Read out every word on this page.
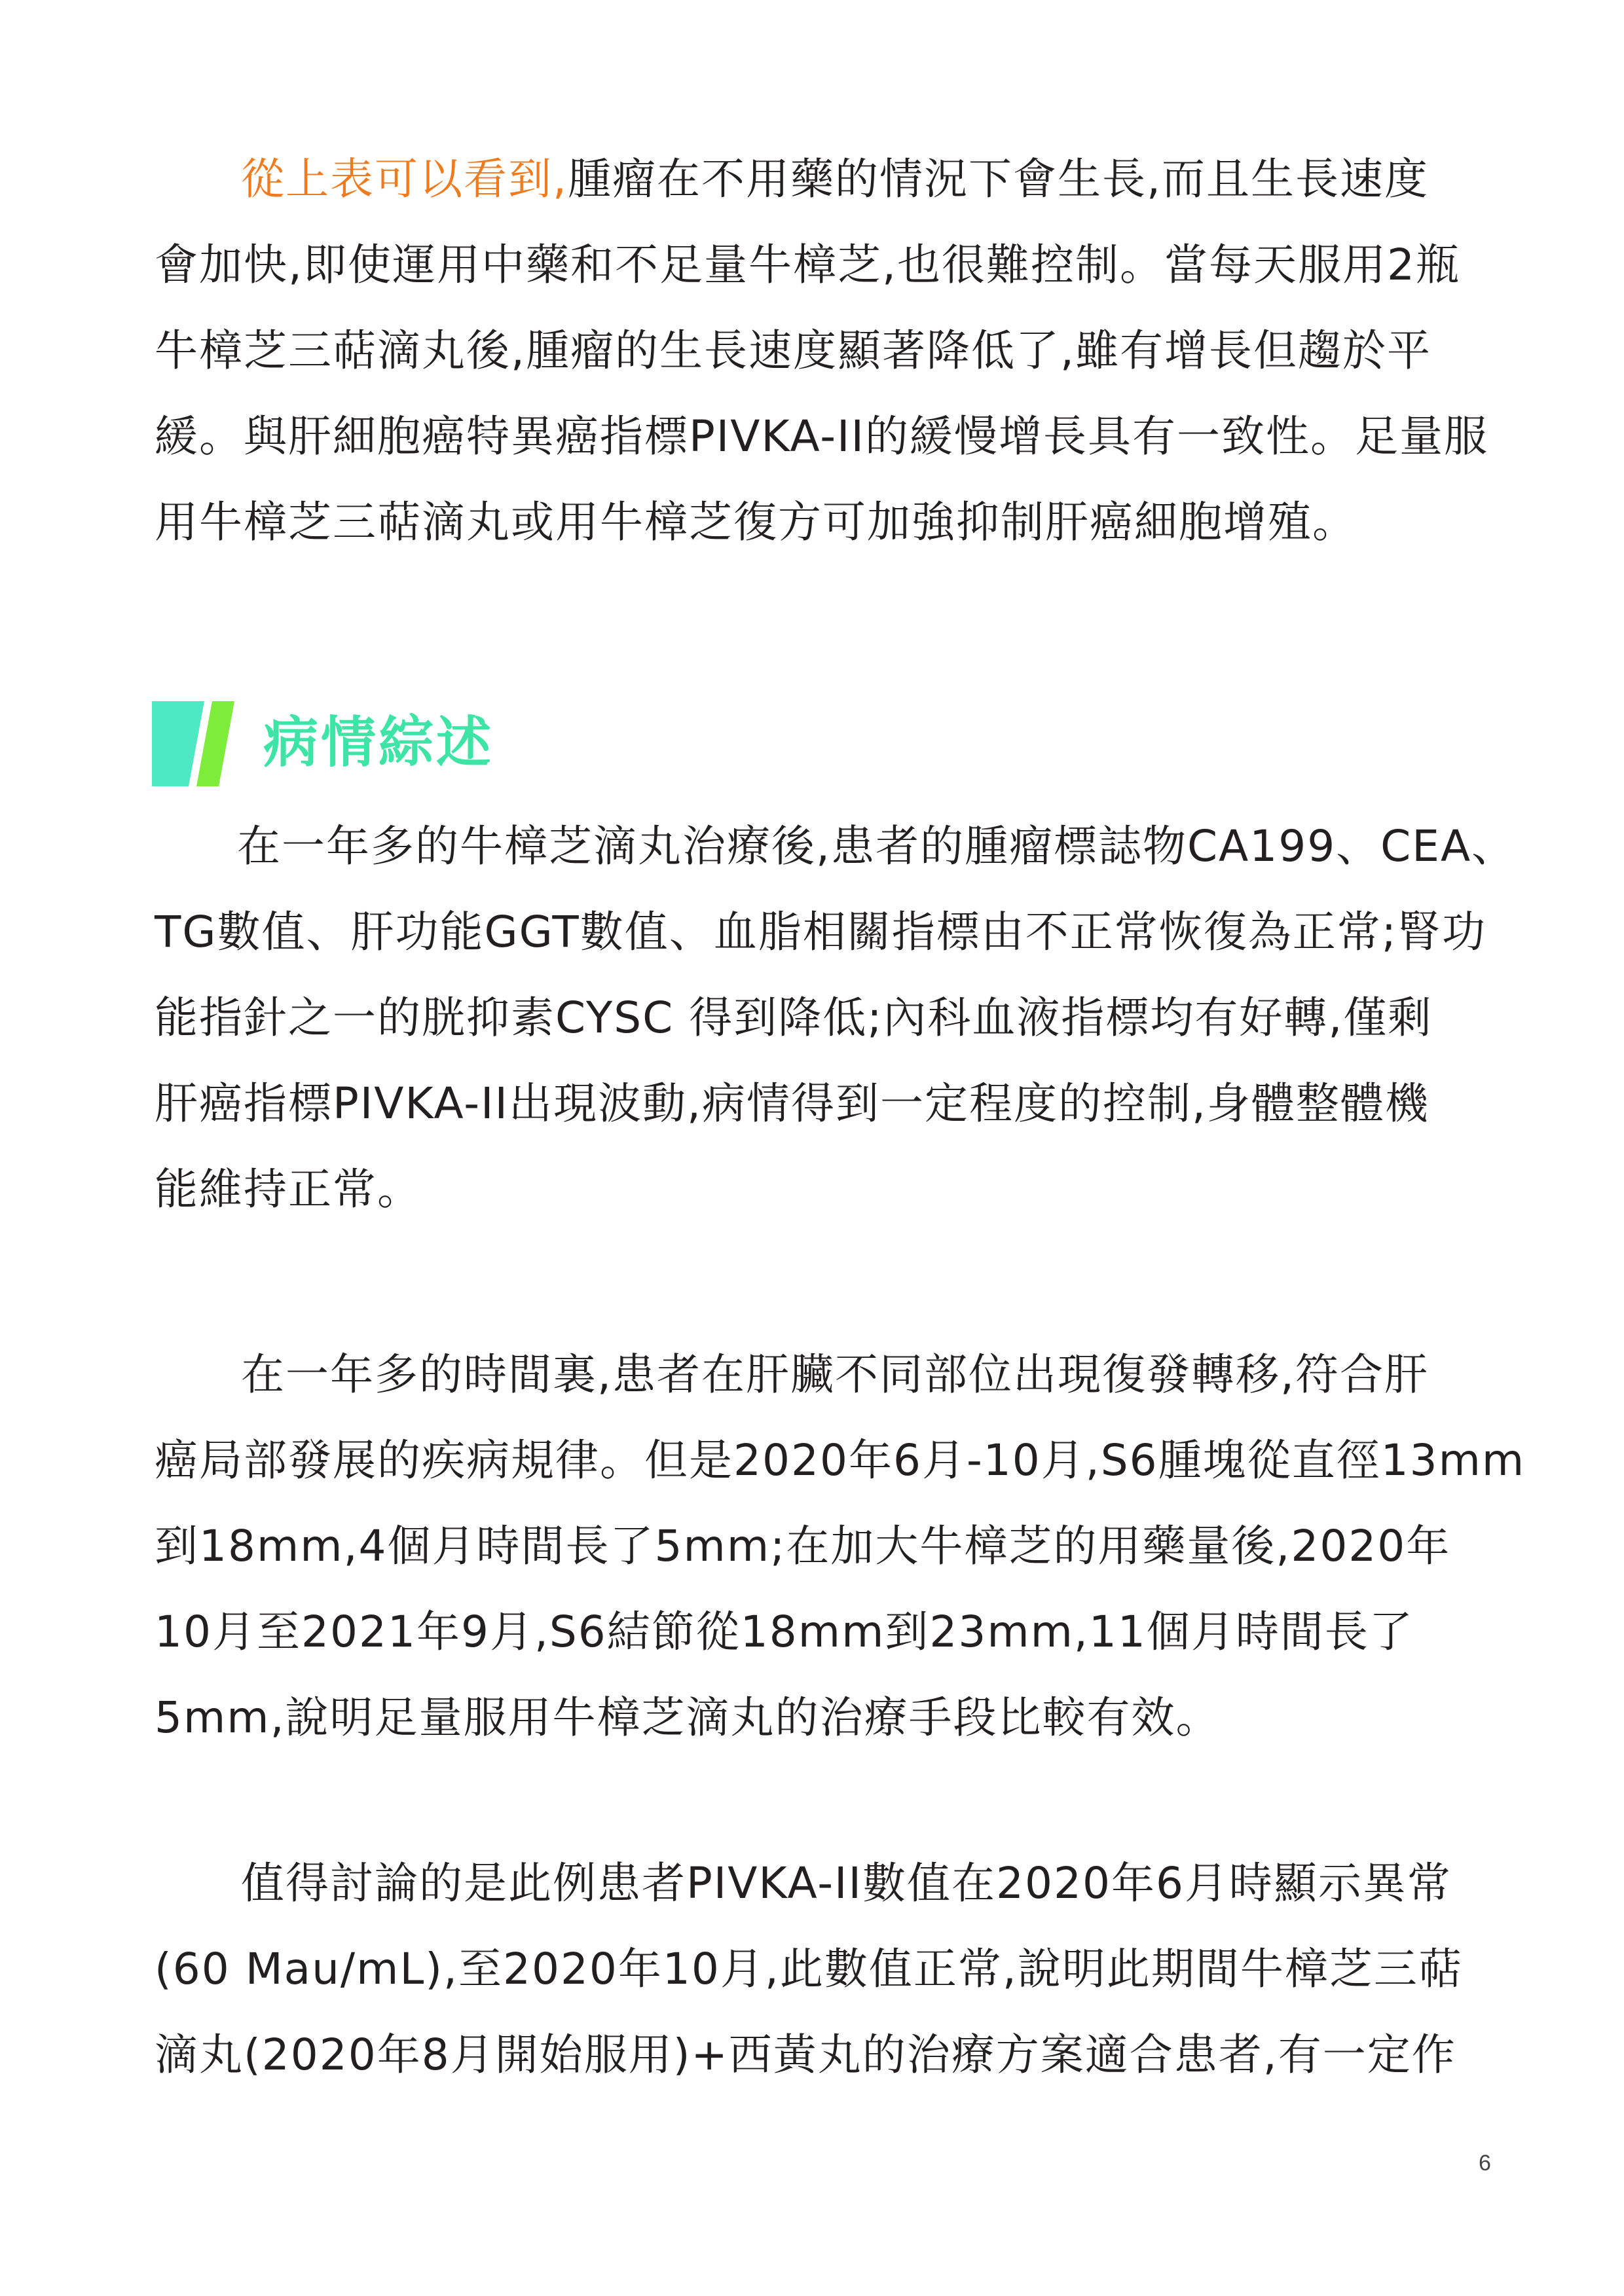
從上表可以看到,腫瘤在不用藥的情況下會生長,而且生長速度
會加快,即使運用中藥和不足量牛樟芝,也很難控制。當每天服用2瓶
牛樟芝三萜滴丸後,腫瘤的生長速度顯著降低了,雖有增長但趨於平
緩。與肝細胞癌特異癌指標PIVKA-II的緩慢增長具有一致性。足量服
用牛樟芝三萜滴丸或用牛樟芝復方可加強抑制肝癌細胞增殖。
病情綜述
在一年多的牛樟芝滴丸治療後,患者的腫瘤標誌物CA199、CEA、
TG數值、肝功能GGT數值、血脂相關指標由不正常恢復為正常;腎功
能指針之一的胱抑素CYSC 得到降低;內科血液指標均有好轉,僅剩
肝癌指標PIVKA-II出現波動,病情得到一定程度的控制,身體整體機
能維持正常。
在一年多的時間裏,患者在肝臟不同部位出現復發轉移,符合肝
癌局部發展的疾病規律。但是2020年6月-10月,S6腫塊從直徑13mm
到18mm,4個月時間長了5mm;在加大牛樟芝的用藥量後,2020年
10月至2021年9月,S6結節從18mm到23mm,11個月時間長了
5mm,說明足量服用牛樟芝滴丸的治療手段比較有效。
值得討論的是此例患者PIVKA-II數值在2020年6月時顯示異常
(60 Mau/mL),至2020年10月,此數值正常,說明此期間牛樟芝三萜
滴丸(2020年8月開始服用)+西黃丸的治療方案適合患者,有一定作
6
